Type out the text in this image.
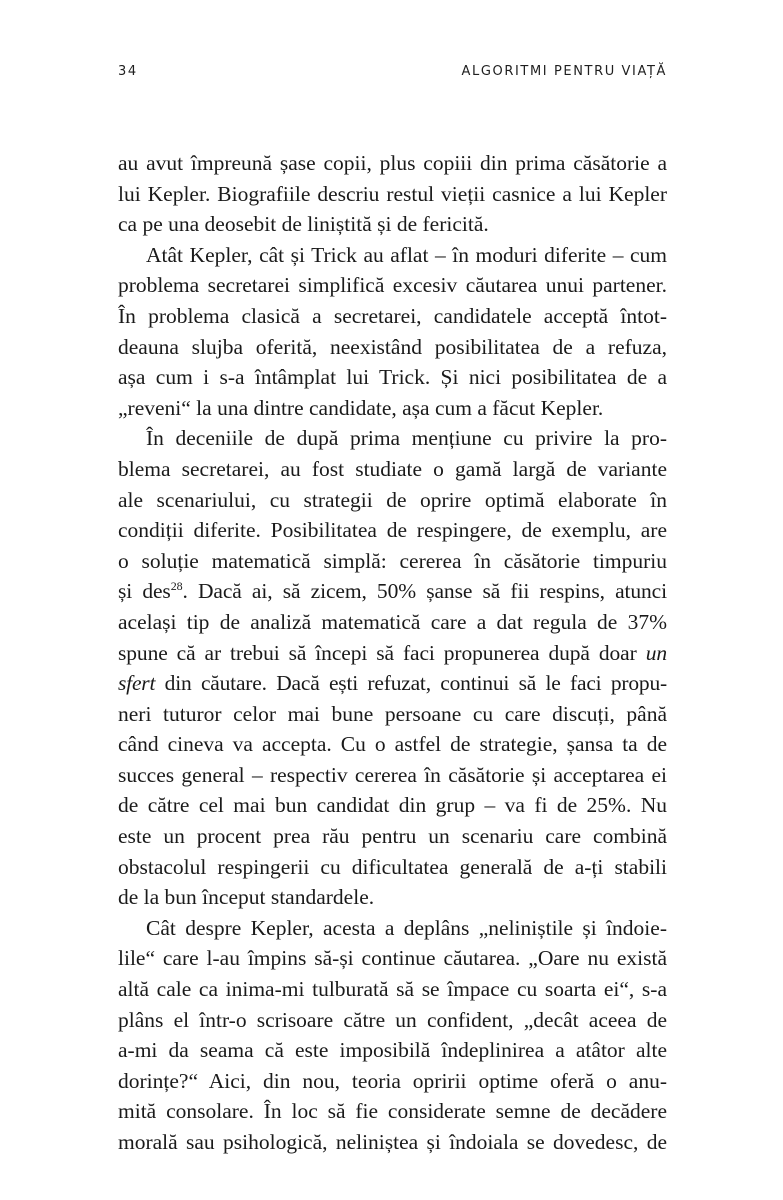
34	ALGORITMI PENTRU VIAȚĂ
au avut împreună șase copii, plus copiii din prima căsătorie a
lui Kepler. Biografiile descriu restul vieții casnice a lui Kepler
ca pe una deosebit de liniștită și de fericită.
Atât Kepler, cât și Trick au aflat – în moduri diferite – cum
problema secretarei simplifică excesiv căutarea unui partener.
În problema clasică a secretarei, candidatele acceptă întot-
deauna slujba oferită, neexistând posibilitatea de a refuza,
așa cum i s-a întâmplat lui Trick. Și nici posibilitatea de a
„reveni“ la una dintre candidate, așa cum a făcut Kepler.
În deceniile de după prima mențiune cu privire la pro-
blema secretarei, au fost studiate o gamă largă de variante
ale scenariului, cu strategii de oprire optimă elaborate în
condiții diferite. Posibilitatea de respingere, de exemplu, are
o soluție matematică simplă: cererea în căsătorie timpuriu
și des$^{28}$. Dacă ai, să zicem, 50% șanse să fii respins, atunci
același tip de analiză matematică care a dat regula de 37%
spune că ar trebui să începi să faci propunerea după doar un
sfert din căutare. Dacă ești refuzat, continui să le faci propu-
neri tuturor celor mai bune persoane cu care discuți, până
când cineva va accepta. Cu o astfel de strategie, șansa ta de
succes general – respectiv cererea în căsătorie și acceptarea ei
de către cel mai bun candidat din grup – va fi de 25%. Nu
este un procent prea rău pentru un scenariu care combină
obstacolul respingerii cu dificultatea generală de a-ți stabili
de la bun început standardele.
Cât despre Kepler, acesta a deplâns „neliniștile și îndoie-
lile“ care l-au împins să-și continue căutarea. „Oare nu există
altă cale ca inima-mi tulburată să se împace cu soarta ei“, s-a
plâns el într-o scrisoare către un confident, „decât aceea de
a-mi da seama că este imposibilă îndeplinirea a atâtor alte
dorințe?“ Aici, din nou, teoria opririi optime oferă o anu-
mită consolare. În loc să fie considerate semne de decădere
morală sau psihologică, neliniștea și îndoiala se dovedesc, de
